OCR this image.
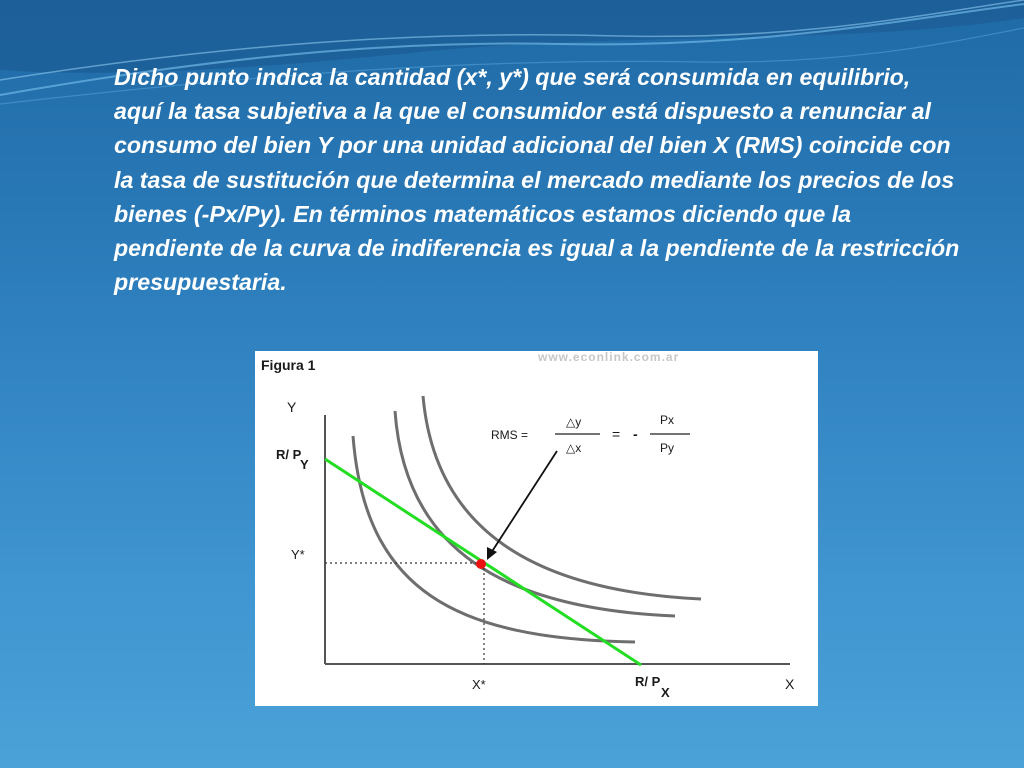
Dicho punto indica la cantidad (x*, y*) que será consumida en equilibrio, aquí la tasa subjetiva a la que el consumidor está dispuesto a renunciar al consumo del bien Y por una unidad adicional del bien X (RMS) coincide con la tasa de sustitución que determina el mercado mediante los precios de los bienes (-Px/Py). En términos matemáticos estamos diciendo que la pendiente de la curva de indiferencia es igual a la pendiente de la restricción presupuestaria.

Figura 1	www.econlink.com.ar
Y
X
R/ P
Y
Y*
X*	R/ P
X
RMS =
△y
△x
= -
Px
Py
